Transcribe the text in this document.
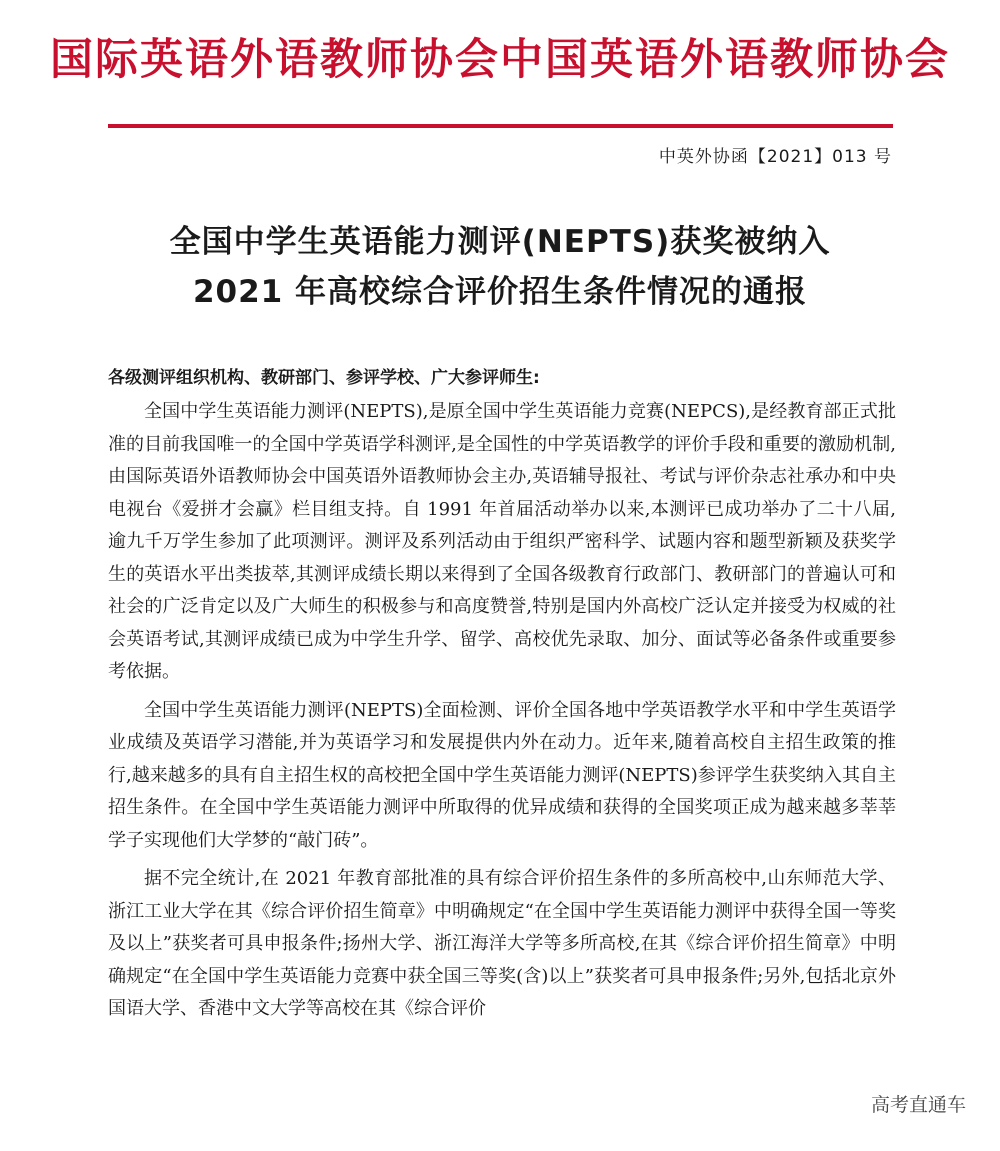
国际英语外语教师协会中国英语外语教师协会
中英外协函【2021】013 号
全国中学生英语能力测评(NEPTS)获奖被纳入
2021 年高校综合评价招生条件情况的通报
各级测评组织机构、教研部门、参评学校、广大参评师生:

全国中学生英语能力测评(NEPTS),是原全国中学生英语能力竞赛(NEPCS),是经教育部正式批准的目前我国唯一的全国中学英语学科测评,是全国性的中学英语教学的评价手段和重要的激励机制,由国际英语外语教师协会中国英语外语教师协会主办,英语辅导报社、考试与评价杂志社承办和中央电视台《爱拼才会赢》栏目组支持。自 1991 年首届活动举办以来,本测评已成功举办了二十八届,逾九千万学生参加了此项测评。测评及系列活动由于组织严密科学、试题内容和题型新颖及获奖学生的英语水平出类拔萃,其测评成绩长期以来得到了全国各级教育行政部门、教研部门的普遍认可和社会的广泛肯定以及广大师生的积极参与和高度赞誉,特别是国内外高校广泛认定并接受为权威的社会英语考试,其测评成绩已成为中学生升学、留学、高校优先录取、加分、面试等必备条件或重要参考依据。

全国中学生英语能力测评(NEPTS)全面检测、评价全国各地中学英语教学水平和中学生英语学业成绩及英语学习潜能,并为英语学习和发展提供内外在动力。近年来,随着高校自主招生政策的推行,越来越多的具有自主招生权的高校把全国中学生英语能力测评(NEPTS)参评学生获奖纳入其自主招生条件。在全国中学生英语能力测评中所取得的优异成绩和获得的全国奖项正成为越来越多莘莘学子实现他们大学梦的“敲门砖”。

据不完全统计,在 2021 年教育部批准的具有综合评价招生条件的多所高校中,山东师范大学、浙江工业大学在其《综合评价招生简章》中明确规定“在全国中学生英语能力测评中获得全国一等奖及以上”获奖者可具申报条件;扬州大学、浙江海洋大学等多所高校,在其《综合评价招生简章》中明确规定“在全国中学生英语能力竞赛中获全国三等奖(含)以上”获奖者可具申报条件;另外,包括北京外国语大学、香港中文大学等高校在其《综合评价

高考直通车
